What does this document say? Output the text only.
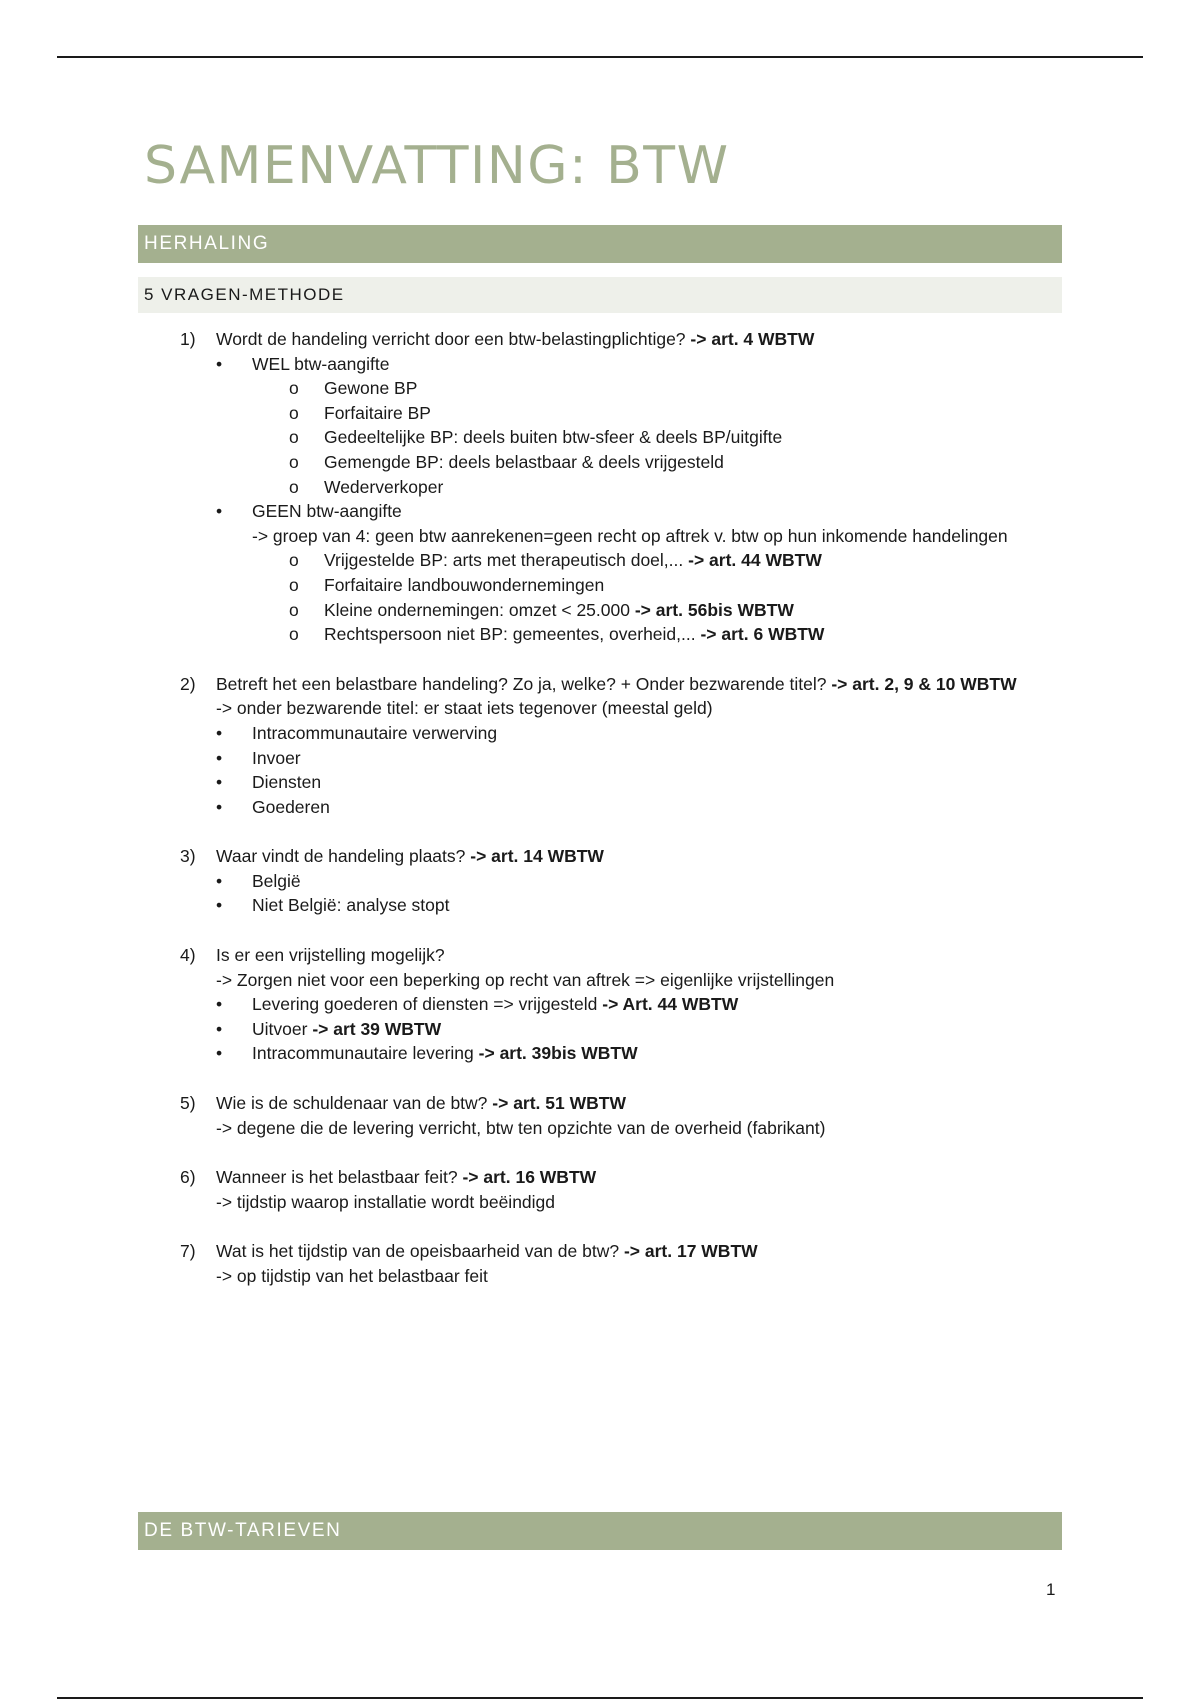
SAMENVATTING: BTW
HERHALING
5 VRAGEN-METHODE
1) Wordt de handeling verricht door een btw-belastingplichtige? -> art. 4 WBTW
• WEL btw-aangifte
o Gewone BP
o Forfaitaire BP
o Gedeeltelijke BP: deels buiten btw-sfeer & deels BP/uitgifte
o Gemengde BP: deels belastbaar & deels vrijgesteld
o Wederverkoper
• GEEN btw-aangifte
-> groep van 4: geen btw aanrekenen=geen recht op aftrek v. btw op hun inkomende handelingen
o Vrijgestelde BP: arts met therapeutisch doel,... -> art. 44 WBTW
o Forfaitaire landbouwondernemingen
o Kleine ondernemingen: omzet < 25.000 -> art. 56bis WBTW
o Rechtspersoon niet BP: gemeentes, overheid,... -> art. 6 WBTW
2) Betreft het een belastbare handeling? Zo ja, welke? + Onder bezwarende titel? -> art. 2, 9 & 10 WBTW
-> onder bezwarende titel: er staat iets tegenover (meestal geld)
• Intracommunautaire verwerving
• Invoer
• Diensten
• Goederen
3) Waar vindt de handeling plaats? -> art. 14 WBTW
• België
• Niet België: analyse stopt
4) Is er een vrijstelling mogelijk?
-> Zorgen niet voor een beperking op recht van aftrek => eigenlijke vrijstellingen
• Levering goederen of diensten => vrijgesteld -> Art. 44 WBTW
• Uitvoer -> art 39 WBTW
• Intracommunautaire levering -> art. 39bis WBTW
5) Wie is de schuldenaar van de btw? -> art. 51 WBTW
-> degene die de levering verricht, btw ten opzichte van de overheid (fabrikant)
6) Wanneer is het belastbaar feit? -> art. 16 WBTW
-> tijdstip waarop installatie wordt beëindigd
7) Wat is het tijdstip van de opeisbaarheid van de btw? -> art. 17 WBTW
-> op tijdstip van het belastbaar feit
DE BTW-TARIEVEN
1
